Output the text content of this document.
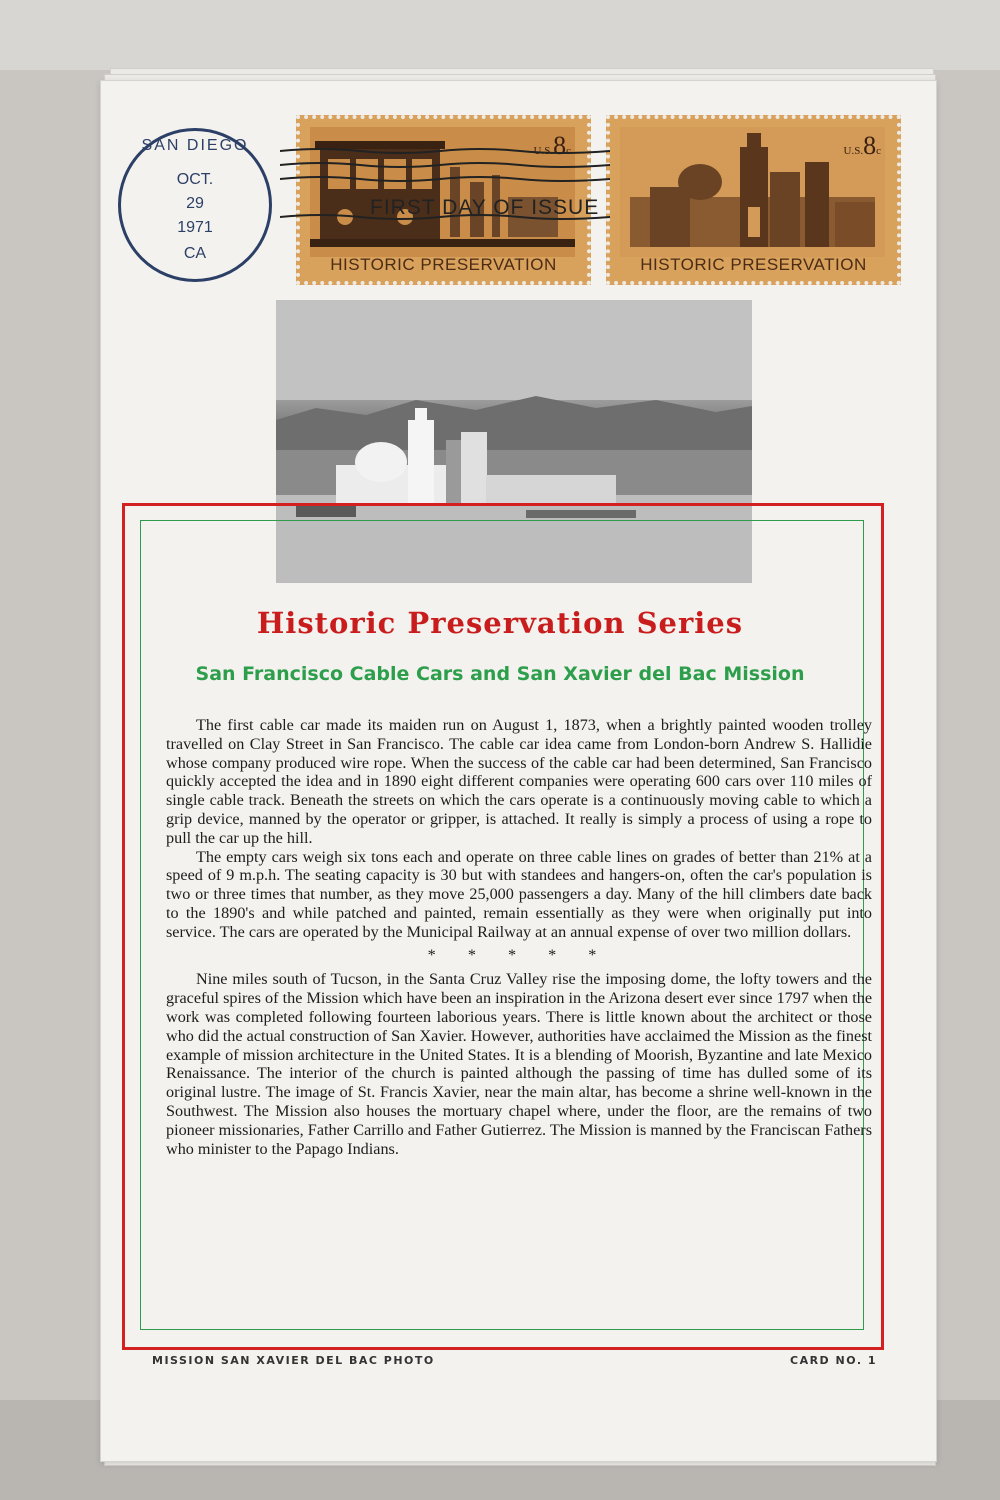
SAN DIEGO
OCT.
29
1971
CA
U.S.8c
HISTORIC PRESERVATION
U.S.8c
HISTORIC PRESERVATION
FIRST DAY OF ISSUE
Historic Preservation Series
San Francisco Cable Cars and San Xavier del Bac Mission

The first cable car made its maiden run on August 1, 1873, when a brightly painted wooden trolley travelled on Clay Street in San Francisco. The cable car idea came from London-born Andrew S. Hallidie whose company produced wire rope. When the success of the cable car had been determined, San Francisco quickly accepted the idea and in 1890 eight different companies were operating 600 cars over 110 miles of single cable track. Beneath the streets on which the cars operate is a continuously moving cable to which a grip device, manned by the operator or gripper, is attached. It really is simply a process of using a rope to pull the car up the hill.

The empty cars weigh six tons each and operate on three cable lines on grades of better than 21% at a speed of 9 m.p.h. The seating capacity is 30 but with standees and hangers-on, often the car's population is two or three times that number, as they move 25,000 passengers a day. Many of the hill climbers date back to the 1890's and while patched and painted, remain essentially as they were when originally put into service. The cars are operated by the Municipal Railway at an annual expense of over two million dollars.

* * * * *

Nine miles south of Tucson, in the Santa Cruz Valley rise the imposing dome, the lofty towers and the graceful spires of the Mission which have been an inspiration in the Arizona desert ever since 1797 when the work was completed following fourteen laborious years. There is little known about the architect or those who did the actual construction of San Xavier. However, authorities have acclaimed the Mission as the finest example of mission architecture in the United States. It is a blending of Moorish, Byzantine and late Mexico Renaissance. The interior of the church is painted although the passing of time has dulled some of its original lustre. The image of St. Francis Xavier, near the main altar, has become a shrine well-known in the Southwest. The Mission also houses the mortuary chapel where, under the floor, are the remains of two pioneer missionaries, Father Carrillo and Father Gutierrez. The Mission is manned by the Franciscan Fathers who minister to the Papago Indians.

MISSION SAN XAVIER DEL BAC PHOTO	CARD NO. 1
